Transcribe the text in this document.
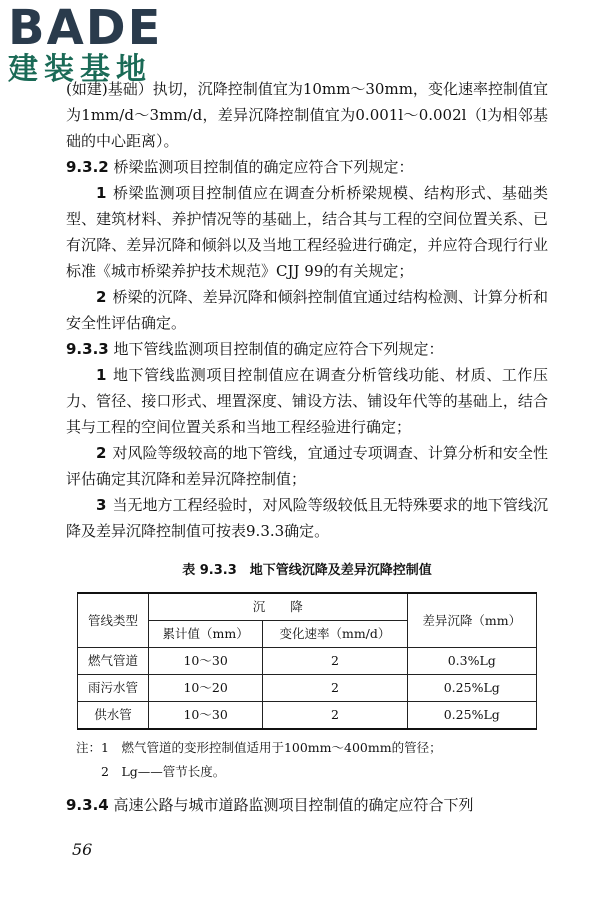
BADE
建装基地

(如建)基础）执切，沉降控制值宜为10mm～30mm，变化速率控制值宜为1mm/d～3mm/d，差异沉降控制值宜为0.001l～0.002l（l为相邻基础的中心距离）。

9.3.2 桥梁监测项目控制值的确定应符合下列规定：

1 桥梁监测项目控制值应在调查分析桥梁规模、结构形式、基础类型、建筑材料、养护情况等的基础上，结合其与工程的空间位置关系、已有沉降、差异沉降和倾斜以及当地工程经验进行确定，并应符合现行行业标准《城市桥梁养护技术规范》CJJ 99的有关规定；

2 桥梁的沉降、差异沉降和倾斜控制值宜通过结构检测、计算分析和安全性评估确定。

9.3.3 地下管线监测项目控制值的确定应符合下列规定：

1 地下管线监测项目控制值应在调查分析管线功能、材质、工作压力、管径、接口形式、埋置深度、铺设方法、铺设年代等的基础上，结合其与工程的空间位置关系和当地工程经验进行确定；

2 对风险等级较高的地下管线，宜通过专项调查、计算分析和安全性评估确定其沉降和差异沉降控制值；

3 当无地方工程经验时，对风险等级较低且无特殊要求的地下管线沉降及差异沉降控制值可按表9.3.3确定。

表 9.3.3　地下管线沉降及差异沉降控制值
管线类型	沉　　降		差异沉降（mm）
	累计值（mm）	变化速率（mm/d）	
燃气管道	10～30	2	0.3%Lg
雨污水管	10～20	2	0.25%Lg
供水管	10～30	2	0.25%Lg
注：1　燃气管道的变形控制值适用于100mm～400mm的管径；
　　2　Lg——管节长度。

9.3.4 高速公路与城市道路监测项目控制值的确定应符合下列

56
